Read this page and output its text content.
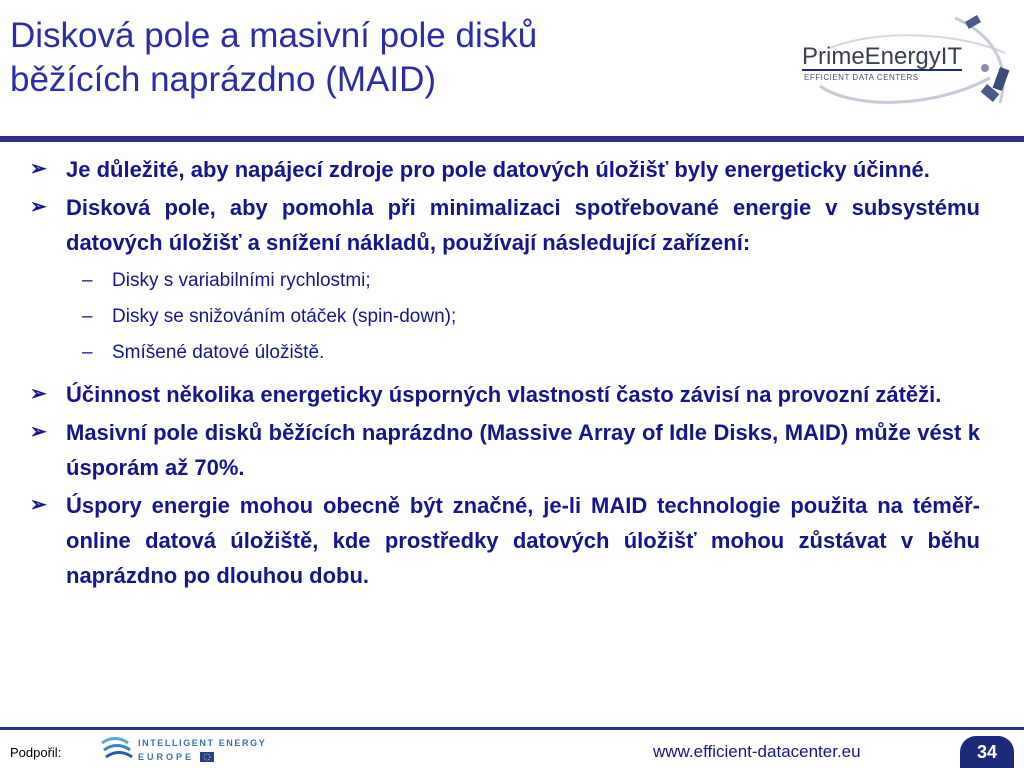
Disková pole a masivní pole disků
běžících naprázdno (MAID)
PrimeEnergyIT
EFFICIENT DATA CENTERS
➢ Je důležité, aby napájecí zdroje pro pole datových úložišť byly energeticky účinné.
➢ Disková pole, aby pomohla při minimalizaci spotřebované energie v subsystému datových úložišť a snížení nákladů, používají následující zařízení:
– Disky s variabilními rychlostmi;
– Disky se snižováním otáček (spin-down);
– Smíšené datové úložiště.
➢ Účinnost několika energeticky úsporných vlastností často závisí na provozní zátěži.
➢ Masivní pole disků běžících naprázdno (Massive Array of Idle Disks, MAID) může vést k úsporám až 70%.
➢ Úspory energie mohou obecně být značné, je-li MAID technologie použita na téměř-online datová úložiště, kde prostředky datových úložišť mohou zůstávat v běhu naprázdno po dlouhou dobu.
Podpořil:
INTELLIGENT ENERGY
EUROPE	www.efficient-datacenter.eu	34
